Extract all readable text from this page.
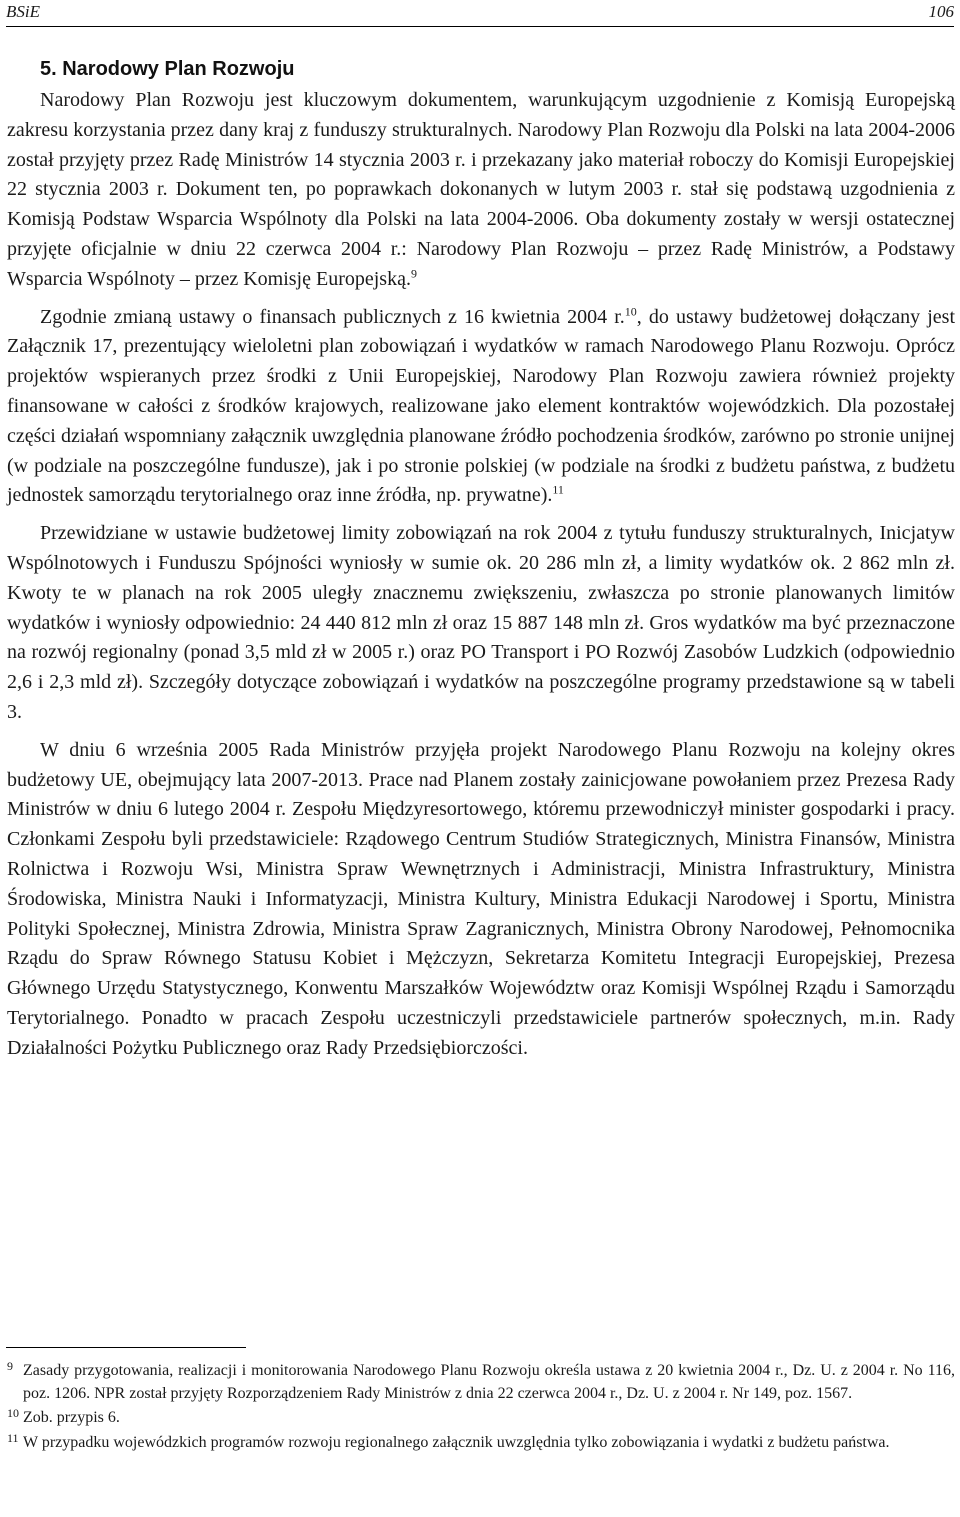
BSiE	106
5. Narodowy Plan Rozwoju

Narodowy Plan Rozwoju jest kluczowym dokumentem, warunkującym uzgodnienie z Komisją Europejską zakresu korzystania przez dany kraj z funduszy strukturalnych. Narodowy Plan Rozwoju dla Polski na lata 2004-2006 został przyjęty przez Radę Ministrów 14 stycznia 2003 r. i przekazany jako materiał roboczy do Komisji Europejskiej 22 stycznia 2003 r. Dokument ten, po poprawkach dokonanych w lutym 2003 r. stał się podstawą uzgodnienia z Komisją Podstaw Wsparcia Wspólnoty dla Polski na lata 2004-2006. Oba dokumenty zostały w wersji ostatecznej przyjęte oficjalnie w dniu 22 czerwca 2004 r.: Narodowy Plan Rozwoju – przez Radę Ministrów, a Podstawy Wsparcia Wspólnoty – przez Komisję Europejską.$^9$

Zgodnie zmianą ustawy o finansach publicznych z 16 kwietnia 2004 r.$^{10}$, do ustawy budżetowej dołączany jest Załącznik 17, prezentujący wieloletni plan zobowiązań i wydatków w ramach Narodowego Planu Rozwoju. Oprócz projektów wspieranych przez środki z Unii Europejskiej, Narodowy Plan Rozwoju zawiera również projekty finansowane w całości z środków krajowych, realizowane jako element kontraktów wojewódzkich. Dla pozostałej części działań wspomniany załącznik uwzględnia planowane źródło pochodzenia środków, zarówno po stronie unijnej (w podziale na poszczególne fundusze), jak i po stronie polskiej (w podziale na środki z budżetu państwa, z budżetu jednostek samorządu terytorialnego oraz inne źródła, np. prywatne).$^{11}$

Przewidziane w ustawie budżetowej limity zobowiązań na rok 2004 z tytułu funduszy strukturalnych, Inicjatyw Wspólnotowych i Funduszu Spójności wyniosły w sumie ok. 20 286 mln zł, a limity wydatków ok. 2 862 mln zł. Kwoty te w planach na rok 2005 uległy znacznemu zwiększeniu, zwłaszcza po stronie planowanych limitów wydatków i wyniosły odpowiednio: 24 440 812 mln zł oraz 15 887 148 mln zł. Gros wydatków ma być przeznaczone na rozwój regionalny (ponad 3,5 mld zł w 2005 r.) oraz PO Transport i PO Rozwój Zasobów Ludzkich (odpowiednio 2,6 i 2,3 mld zł). Szczegóły dotyczące zobowiązań i wydatków na poszczególne programy przedstawione są w tabeli 3.

W dniu 6 września 2005 Rada Ministrów przyjęła projekt Narodowego Planu Rozwoju na kolejny okres budżetowy UE, obejmujący lata 2007-2013. Prace nad Planem zostały zainicjowane powołaniem przez Prezesa Rady Ministrów w dniu 6 lutego 2004 r. Zespołu Międzyresortowego, któremu przewodniczył minister gospodarki i pracy. Członkami Zespołu byli przedstawiciele: Rządowego Centrum Studiów Strategicznych, Ministra Finansów, Ministra Rolnictwa i Rozwoju Wsi, Ministra Spraw Wewnętrznych i Administracji, Ministra Infrastruktury, Ministra Środowiska, Ministra Nauki i Informatyzacji, Ministra Kultury, Ministra Edukacji Narodowej i Sportu, Ministra Polityki Społecznej, Ministra Zdrowia, Ministra Spraw Zagranicznych, Ministra Obrony Narodowej, Pełnomocnika Rządu do Spraw Równego Statusu Kobiet i Mężczyzn, Sekretarza Komitetu Integracji Europejskiej, Prezesa Głównego Urzędu Statystycznego, Konwentu Marszałków Województw oraz Komisji Wspólnej Rządu i Samorządu Terytorialnego. Ponadto w pracach Zespołu uczestniczyli przedstawiciele partnerów społecznych, m.in. Rady Działalności Pożytku Publicznego oraz Rady Przedsiębiorczości.

9 Zasady przygotowania, realizacji i monitorowania Narodowego Planu Rozwoju określa ustawa z 20 kwietnia 2004 r., Dz. U. z 2004 r. No 116, poz. 1206. NPR został przyjęty Rozporządzeniem Rady Ministrów z dnia 22 czerwca 2004 r., Dz. U. z 2004 r. Nr 149, poz. 1567.
10 Zob. przypis 6.
11 W przypadku wojewódzkich programów rozwoju regionalnego załącznik uwzględnia tylko zobowiązania i wydatki z budżetu państwa.
